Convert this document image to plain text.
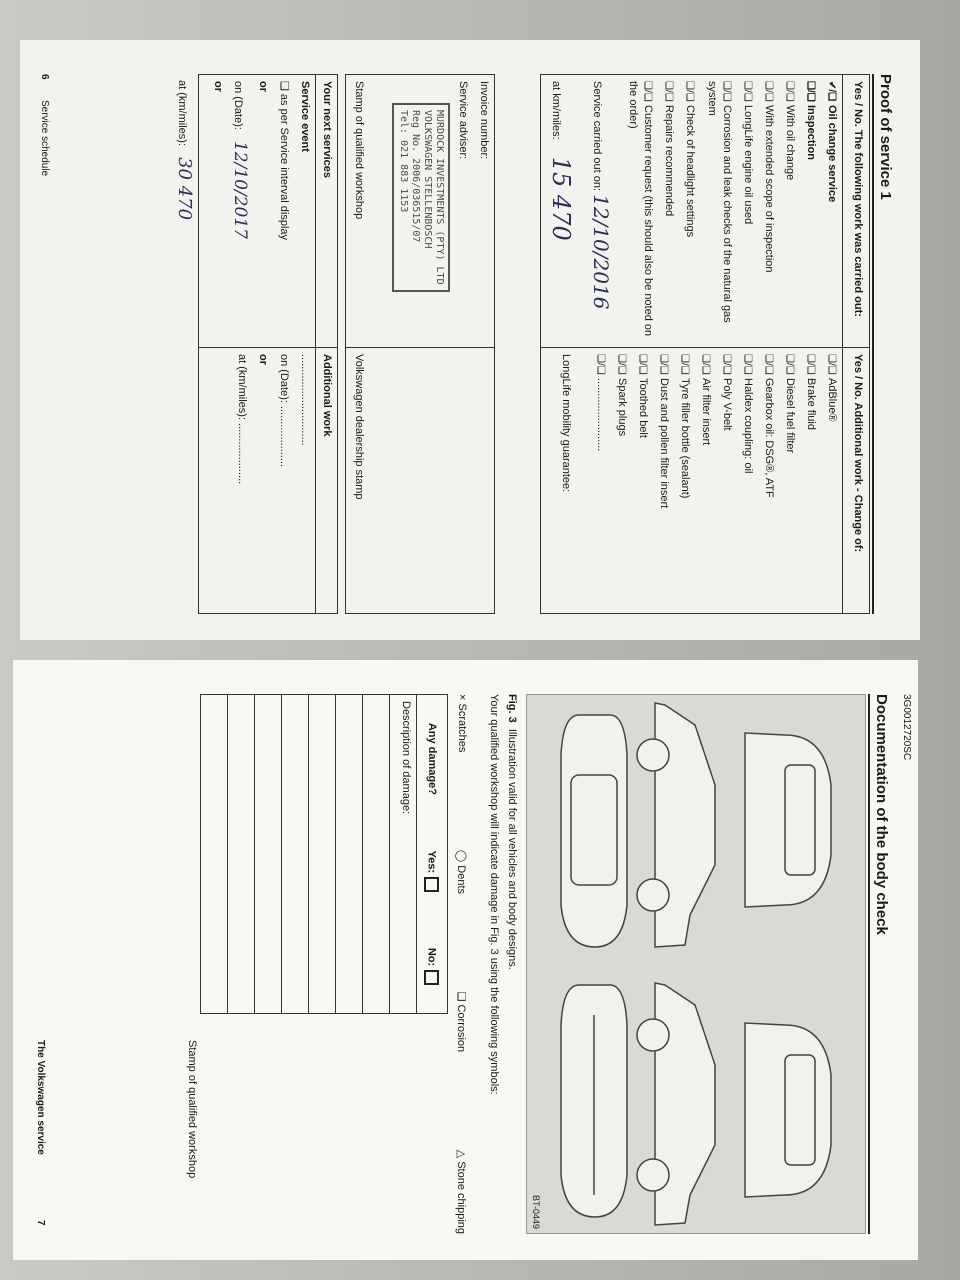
Proof of service 1
Yes / No. The following work was carried out:
✔/❑Oil change service
❑/❑Inspection
❑/❑With oil change
❑/❑With extended scope of inspection
❑/❑LongLife engine oil used
❑/❑Corrosion and leak checks of the natural gas system
❑/❑Check of headlight settings
❑/❑Repairs recommended
❑/❑Customer request (this should also be noted on the order)
Service carried out on: 12/10/2016
at km/miles: 15 470
Yes / No. Additional work - Change of:
❑/❑AdBlue®
❑/❑Brake fluid
❑/❑Diesel fuel filter
❑/❑Gearbox oil: DSG®, ATF
❑/❑Haldex coupling: oil
❑/❑Poly V-belt
❑/❑Air filter insert
❑/❑Tyre filler bottle (sealant)
❑/❑Dust and pollen filter insert
❑/❑Toothed belt
❑/❑Spark plugs
❑/❑........................
LongLife mobility guarantee:
Invoice number:
Service adviser:
MURDOCK INVESTMENTS (PTY) LTD
VOLKSWAGEN STELLENBOSCH
Reg No. 2006/036515/07
Tel: 021 883 1153
Stamp of qualified workshop
Volkswagen dealership stamp
Your next services
Service event
❑ as per Service interval display
or
on (Date): 12/10/2017
or
Additional work
..............................
on (Date): ....................
or
at (km/miles): ....................
at (km/miles): 30 470
6
Service schedule
3G0012720SC
Documentation of the body check
BT-0449
Fig. 3  Illustration valid for all vehicles and body designs.
Your qualified workshop will indicate damage in Fig. 3 using the following symbols:
× Scratches
◯ Dents
❑ Corrosion
△ Stone chipping
Any damage?
Yes:
No:
Description of damage:
Stamp of qualified workshop
The Volkswagen service
7
